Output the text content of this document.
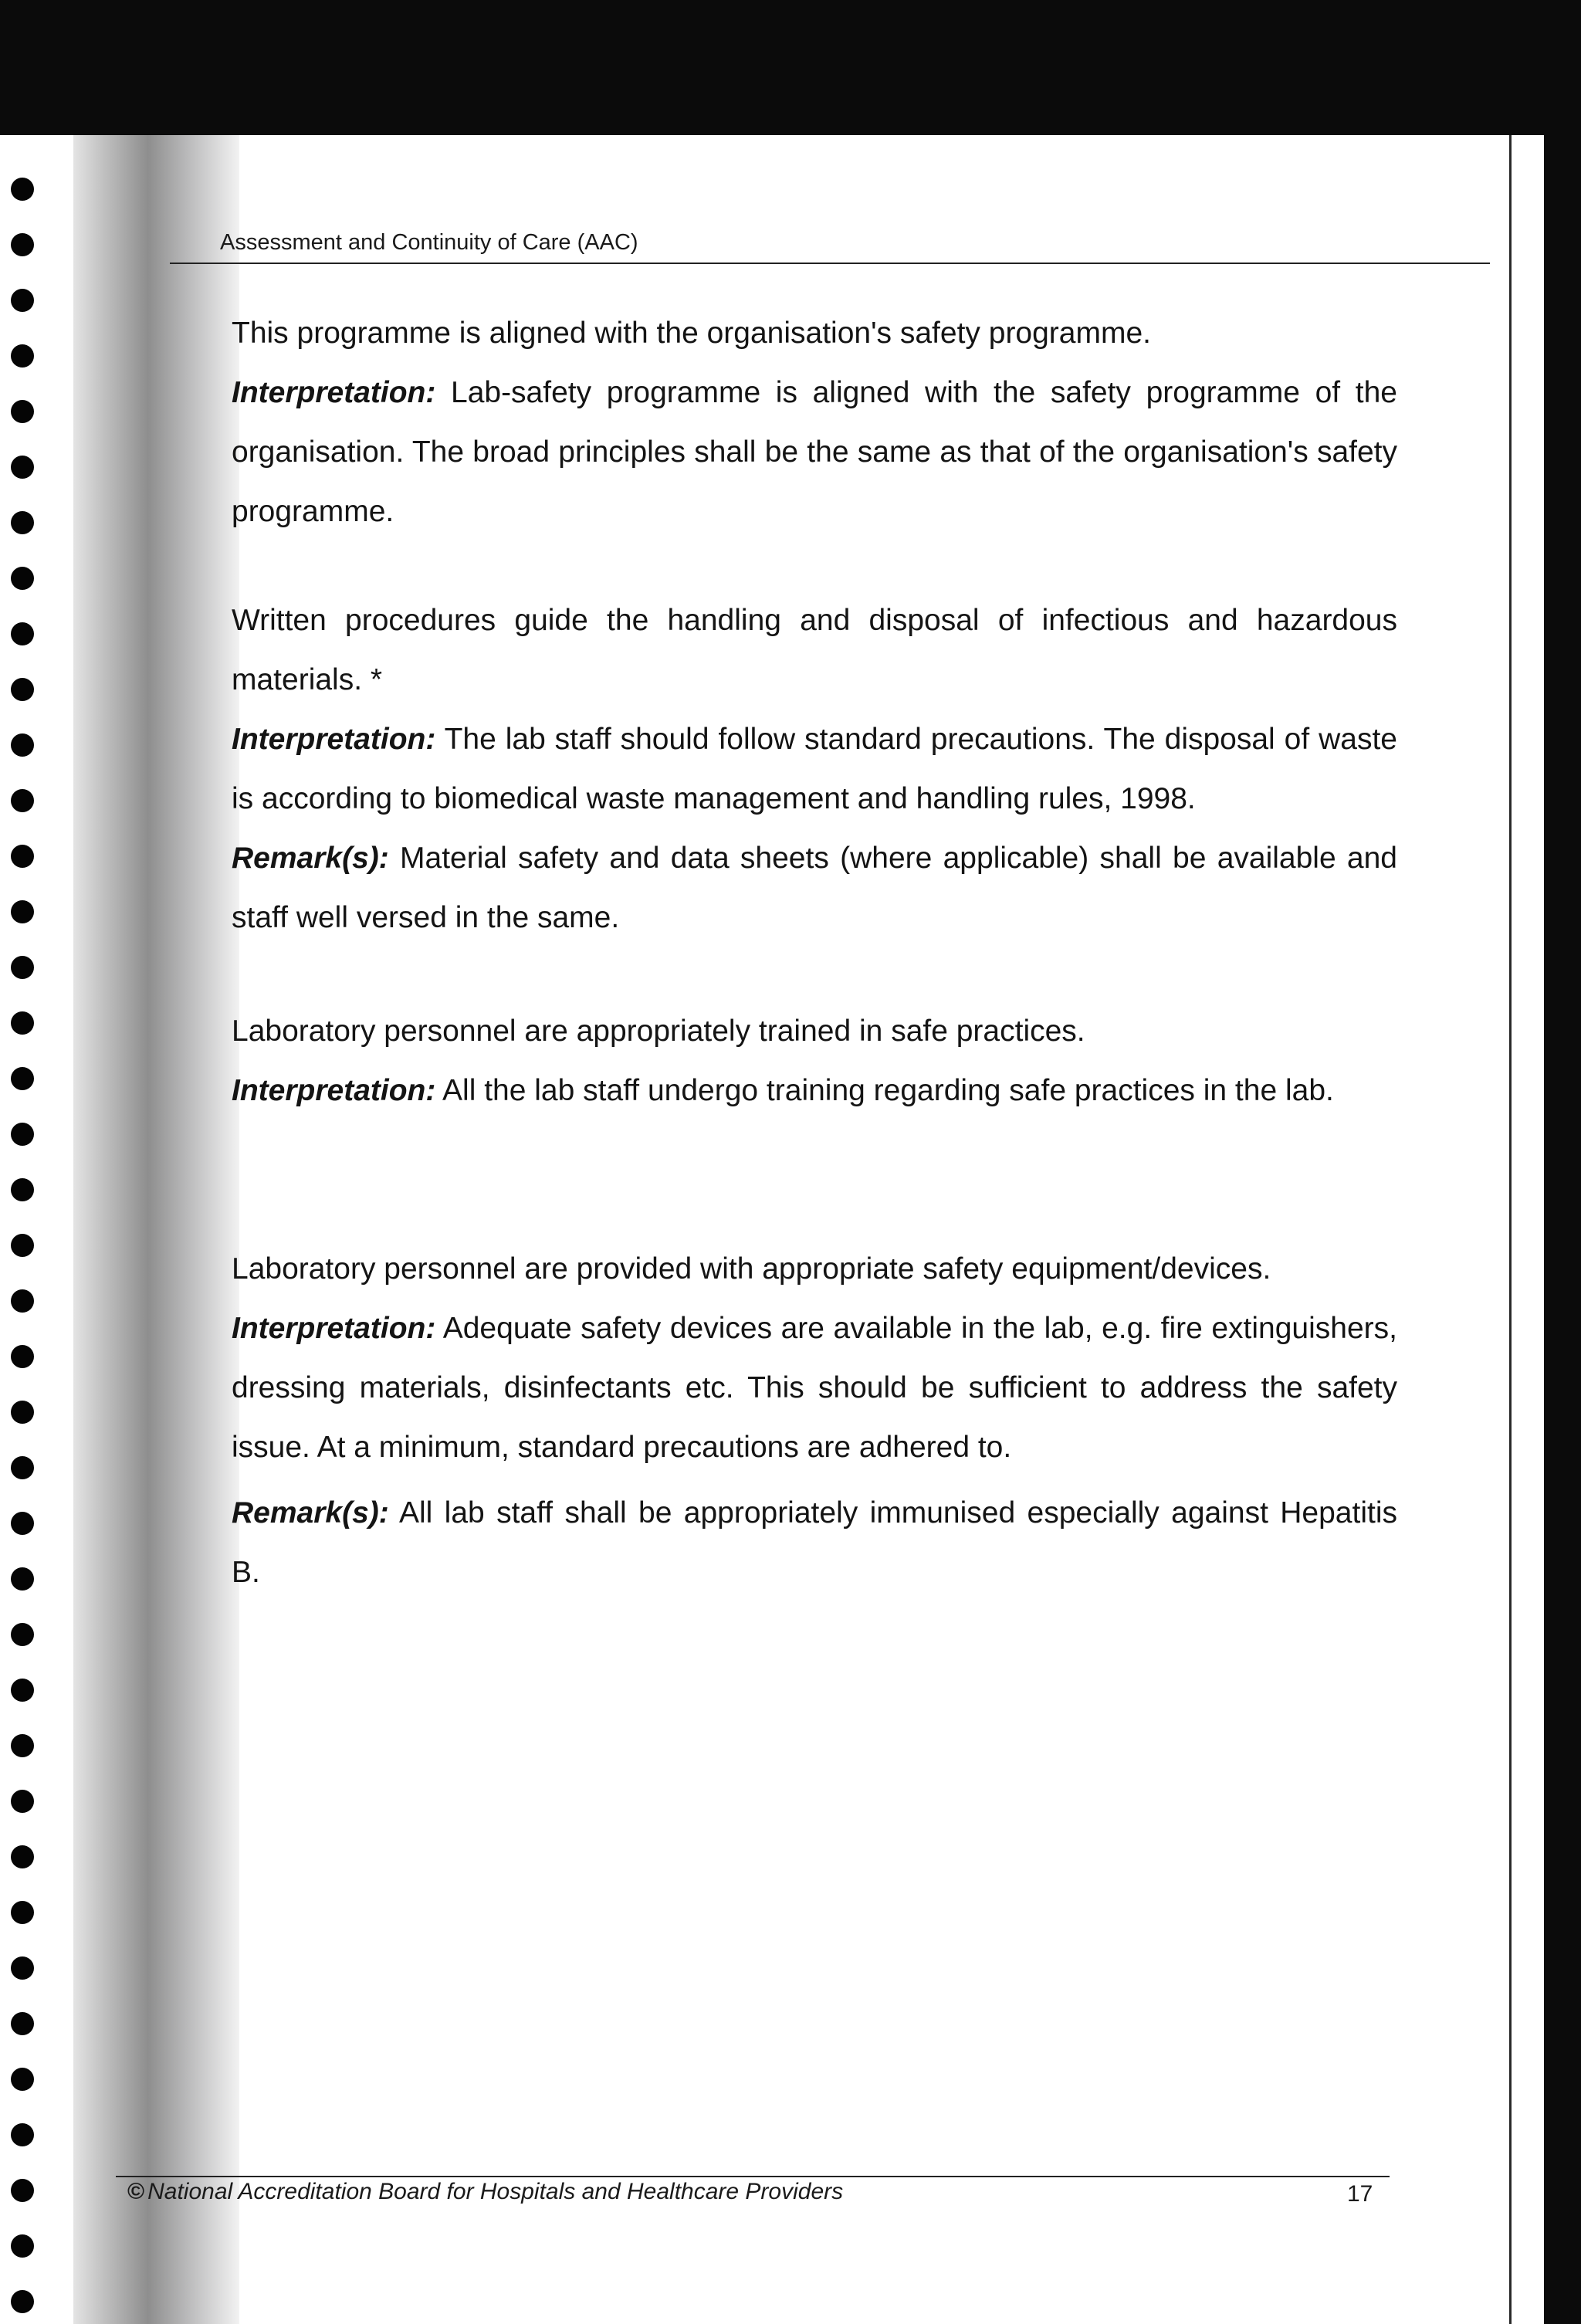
Assessment and Continuity of Care (AAC)

This programme is aligned with the organisation's safety programme.

Interpretation: Lab-safety programme is aligned with the safety programme of the organisation. The broad principles shall be the same as that of the organisation's safety programme.

Written procedures guide the handling and disposal of infectious and hazardous materials. *

Interpretation: The lab staff should follow standard precautions. The disposal of waste is according to biomedical waste management and handling rules, 1998.

Remark(s): Material safety and data sheets (where applicable) shall be available and staff well versed in the same.

Laboratory personnel are appropriately trained in safe practices.

Interpretation: All the lab staff undergo training regarding safe practices in the lab.

Laboratory personnel are provided with appropriate safety equipment/devices.

Interpretation: Adequate safety devices are available in the lab, e.g. fire extinguishers, dressing materials, disinfectants etc. This should be sufficient to address the safety issue. At a minimum, standard precautions are adhered to.

Remark(s): All lab staff shall be appropriately immunised especially against Hepatitis B.

© National Accreditation Board for Hospitals and Healthcare Providers	17
